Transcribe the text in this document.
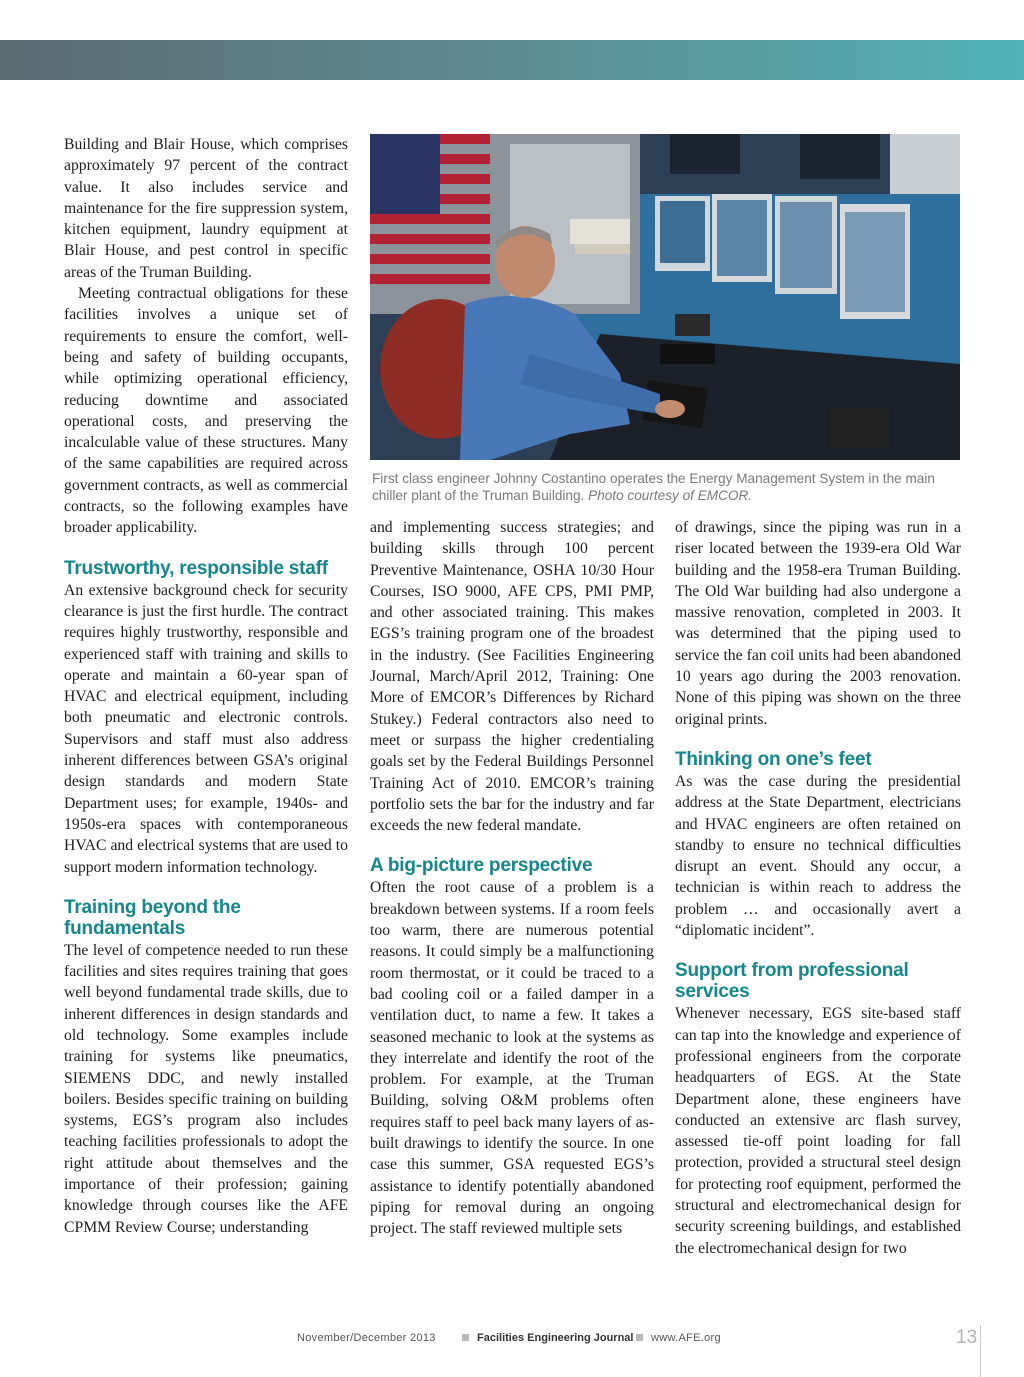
Building and Blair House, which comprises approximately 97 percent of the contract value. It also includes service and maintenance for the fire suppression system, kitchen equipment, laundry equipment at Blair House, and pest control in specific areas of the Truman Building.

Meeting contractual obligations for these facilities involves a unique set of requirements to ensure the comfort, well-being and safety of building occupants, while optimizing operational efficiency, reducing downtime and associated operational costs, and preserving the incalculable value of these structures. Many of the same capabilities are required across government contracts, as well as commercial contracts, so the following examples have broader applicability.

Trustworthy, responsible staff

An extensive background check for security clearance is just the first hurdle. The contract requires highly trustworthy, responsible and experienced staff with training and skills to operate and maintain a 60-year span of HVAC and electrical equipment, including both pneumatic and electronic controls. Supervisors and staff must also address inherent differences between GSA’s original design standards and modern State Department uses; for example, 1940s- and 1950s-era spaces with contemporaneous HVAC and electrical systems that are used to support modern information technology.

Training beyond the fundamentals

The level of competence needed to run these facilities and sites requires training that goes well beyond fundamental trade skills, due to inherent differences in design standards and old technology. Some examples include training for systems like pneumatics, SIEMENS DDC, and newly installed boilers. Besides specific training on building systems, EGS’s program also includes teaching facilities professionals to adopt the right attitude about themselves and the importance of their profession; gaining knowledge through courses like the AFE CPMM Review Course; understanding

First class engineer Johnny Costantino operates the Energy Management System in the main chiller plant of the Truman Building. Photo courtesy of EMCOR.

and implementing success strategies; and building skills through 100 percent Preventive Maintenance, OSHA 10/30 Hour Courses, ISO 9000, AFE CPS, PMI PMP, and other associated training. This makes EGS’s training program one of the broadest in the industry. (See Facilities Engineering Journal, March/April 2012, Training: One More of EMCOR’s Differences by Richard Stukey.) Federal contractors also need to meet or surpass the higher credentialing goals set by the Federal Buildings Personnel Training Act of 2010. EMCOR’s training portfolio sets the bar for the industry and far exceeds the new federal mandate.

A big-picture perspective

Often the root cause of a problem is a breakdown between systems. If a room feels too warm, there are numerous potential reasons. It could simply be a malfunctioning room thermostat, or it could be traced to a bad cooling coil or a failed damper in a ventilation duct, to name a few. It takes a seasoned mechanic to look at the systems as they interrelate and identify the root of the problem. For example, at the Truman Building, solving O&M problems often requires staff to peel back many layers of as-built drawings to identify the source. In one case this summer, GSA requested EGS’s assistance to identify potentially abandoned piping for removal during an ongoing project. The staff reviewed multiple sets

of drawings, since the piping was run in a riser located between the 1939-era Old War building and the 1958-era Truman Building. The Old War building had also undergone a massive renovation, completed in 2003. It was determined that the piping used to service the fan coil units had been abandoned 10 years ago during the 2003 renovation. None of this piping was shown on the three original prints.

Thinking on one’s feet

As was the case during the presidential address at the State Department, electricians and HVAC engineers are often retained on standby to ensure no technical difficulties disrupt an event. Should any occur, a technician is within reach to address the problem … and occasionally avert a “diplomatic incident”.

Support from professional services

Whenever necessary, EGS site-based staff can tap into the knowledge and experience of professional engineers from the corporate headquarters of EGS. At the State Department alone, these engineers have conducted an extensive arc flash survey, assessed tie-off point loading for fall protection, provided a structural steel design for protecting roof equipment, performed the structural and electromechanical design for security screening buildings, and established the electromechanical design for two

November/December 2013	Facilities Engineering Journal www.AFE.org	13
